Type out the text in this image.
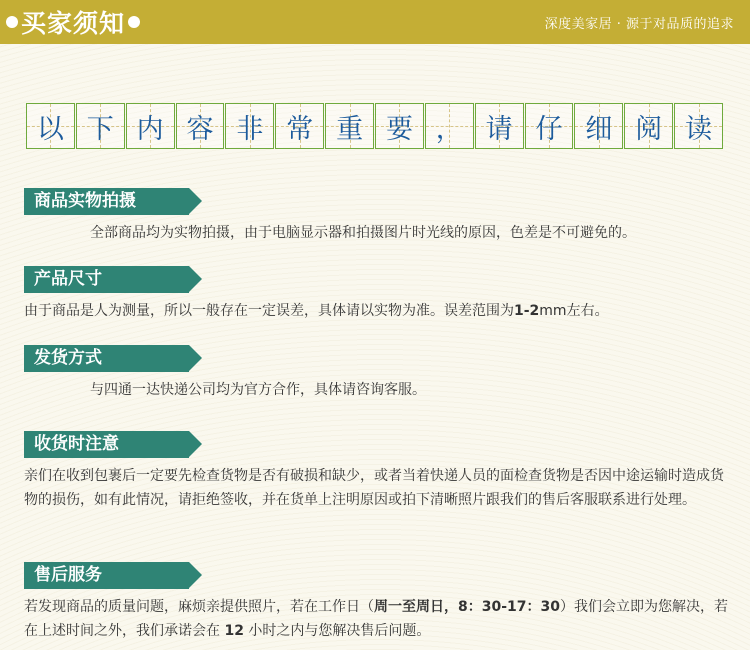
买家须知	深度美家居 · 源于对品质的追求
以 下 内 容 非 常 重 要 ， 请 仔 细 阅 读
商品实物拍摄

全部商品均为实物拍摄，由于电脑显示器和拍摄图片时光线的原因，色差是不可避免的。

产品尺寸

由于商品是人为测量，所以一般存在一定误差，具体请以实物为准。误差范围为1-2mm左右。

发货方式

与四通一达快递公司均为官方合作，具体请咨询客服。

收货时注意

亲们在收到包裹后一定要先检查货物是否有破损和缺少，或者当着快递人员的面检查货物是否因中途运输时造成货物的损伤，如有此情况，请拒绝签收，并在货单上注明原因或拍下清晰照片跟我们的售后客服联系进行处理。

售后服务

若发现商品的质量问题，麻烦亲提供照片，若在工作日（周一至周日，8：30-17：30）我们会立即为您解决，若在上述时间之外，我们承诺会在 12 小时之内与您解决售后问题。
